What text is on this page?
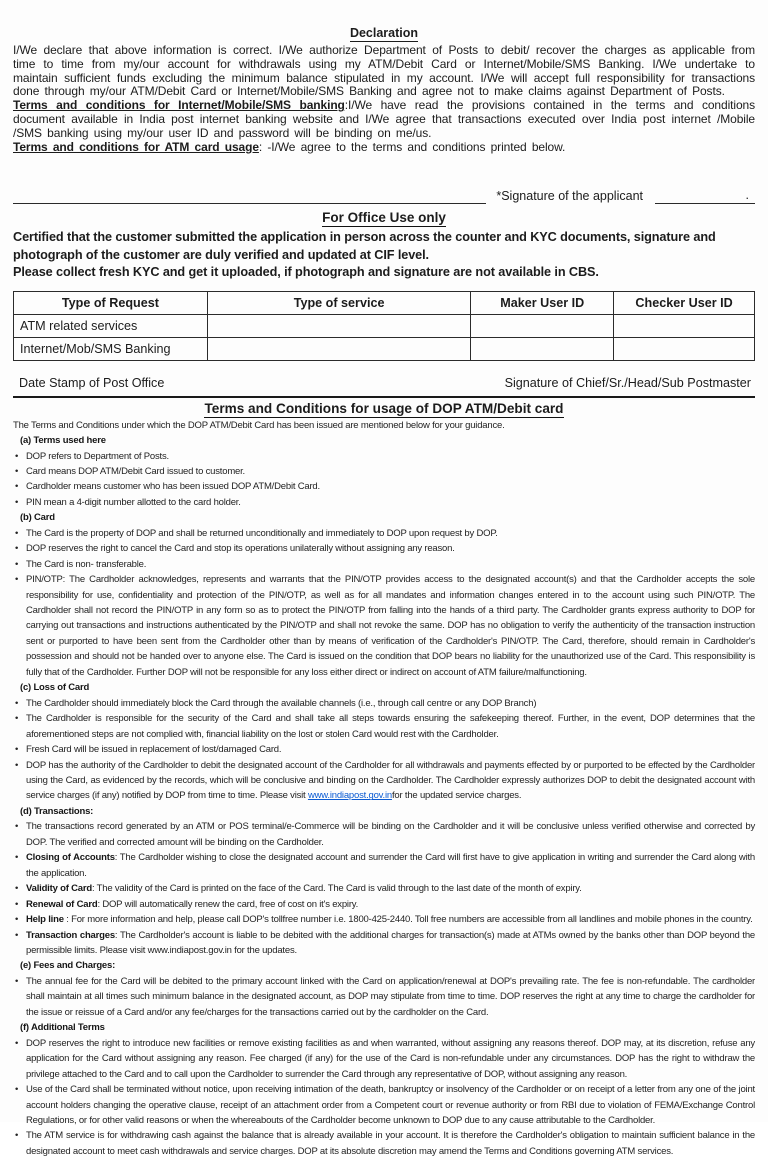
Declaration
I/We declare that above information is correct. I/We authorize Department of Posts to debit/ recover the charges as applicable from time to time from my/our account for withdrawals using my ATM/Debit Card or Internet/Mobile/SMS Banking. I/We undertake to maintain sufficient funds excluding the minimum balance stipulated in my account. I/We will accept full responsibility for transactions done through my/our ATM/Debit Card or Internet/Mobile/SMS Banking and agree not to make claims against Department of Posts.
Terms and conditions for Internet/Mobile/SMS banking:I/We have read the provisions contained in the terms and conditions document available in India post internet banking website and I/We agree that transactions executed over India post internet /Mobile /SMS banking using my/our user ID and password will be binding on me/us.
Terms and conditions for ATM card usage: -I/We agree to the terms and conditions printed below.
*Signature of the applicant	.
For Office Use only
Certified that the customer submitted the application in person across the counter and KYC documents, signature and photograph of the customer are duly verified and updated at CIF level.
Please collect fresh KYC and get it uploaded, if photograph and signature are not available in CBS.
Type of Request	Type of service	Maker User ID	Checker User ID
ATM related services			
Internet/Mob/SMS Banking			
Date Stamp of Post Office	Signature of Chief/Sr./Head/Sub Postmaster
Terms and Conditions for usage of DOP ATM/Debit card
The Terms and Conditions under which the DOP ATM/Debit Card has been issued are mentioned below for your guidance.
(a) Terms used here
• DOP refers to Department of Posts.
• Card means DOP ATM/Debit Card issued to customer.
• Cardholder means customer who has been issued DOP ATM/Debit Card.
• PIN mean a 4-digit number allotted to the card holder.
(b) Card
• The Card is the property of DOP and shall be returned unconditionally and immediately to DOP upon request by DOP.
• DOP reserves the right to cancel the Card and stop its operations unilaterally without assigning any reason.
• The Card is non- transferable.
• PIN/OTP: The Cardholder acknowledges, represents and warrants that the PIN/OTP provides access to the designated account(s) and that the Cardholder accepts the sole responsibility for use, confidentiality and protection of the PIN/OTP, as well as for all mandates and information changes entered in to the account using such PIN/OTP. The Cardholder shall not record the PIN/OTP in any form so as to protect the PIN/OTP from falling into the hands of a third party. The Cardholder grants express authority to DOP for carrying out transactions and instructions authenticated by the PIN/OTP and shall not revoke the same. DOP has no obligation to verify the authenticity of the transaction instruction sent or purported to have been sent from the Cardholder other than by means of verification of the Cardholder's PIN/OTP. The Card, therefore, should remain in Cardholder's possession and should not be handed over to anyone else. The Card is issued on the condition that DOP bears no liability for the unauthorized use of the Card. This responsibility is fully that of the Cardholder. Further DOP will not be responsible for any loss either direct or indirect on account of ATM failure/malfunctioning.
(c) Loss of Card
• The Cardholder should immediately block the Card through the available channels (i.e., through call centre or any DOP Branch)
• The Cardholder is responsible for the security of the Card and shall take all steps towards ensuring the safekeeping thereof. Further, in the event, DOP determines that the aforementioned steps are not complied with, financial liability on the lost or stolen Card would rest with the Cardholder.
• Fresh Card will be issued in replacement of lost/damaged Card.
• DOP has the authority of the Cardholder to debit the designated account of the Cardholder for all withdrawals and payments effected by or purported to be effected by the Cardholder using the Card, as evidenced by the records, which will be conclusive and binding on the Cardholder. The Cardholder expressly authorizes DOP to debit the designated account with service charges (if any) notified by DOP from time to time. Please visit www.indiapost.gov.infor the updated service charges.
(d) Transactions:
• The transactions record generated by an ATM or POS terminal/e-Commerce will be binding on the Cardholder and it will be conclusive unless verified otherwise and corrected by DOP. The verified and corrected amount will be binding on the Cardholder.
• Closing of Accounts: The Cardholder wishing to close the designated account and surrender the Card will first have to give application in writing and surrender the Card along with the application.
• Validity of Card: The validity of the Card is printed on the face of the Card. The Card is valid through to the last date of the month of expiry.
• Renewal of Card: DOP will automatically renew the card, free of cost on it's expiry.
• Help line : For more information and help, please call DOP's tollfree number i.e. 1800-425-2440. Toll free numbers are accessible from all landlines and mobile phones in the country.
• Transaction charges: The Cardholder's account is liable to be debited with the additional charges for transaction(s) made at ATMs owned by the banks other than DOP beyond the permissible limits. Please visit www.indiapost.gov.in for the updates.
(e) Fees and Charges:
• The annual fee for the Card will be debited to the primary account linked with the Card on application/renewal at DOP's prevailing rate. The fee is non-refundable. The cardholder shall maintain at all times such minimum balance in the designated account, as DOP may stipulate from time to time. DOP reserves the right at any time to charge the cardholder for the issue or reissue of a Card and/or any fee/charges for the transactions carried out by the cardholder on the Card.
(f) Additional Terms
• DOP reserves the right to introduce new facilities or remove existing facilities as and when warranted, without assigning any reasons thereof. DOP may, at its discretion, refuse any application for the Card without assigning any reason. Fee charged (if any) for the use of the Card is non-refundable under any circumstances. DOP has the right to withdraw the privilege attached to the Card and to call upon the Cardholder to surrender the Card through any representative of DOP, without assigning any reason.
• Use of the Card shall be terminated without notice, upon receiving intimation of the death, bankruptcy or insolvency of the Cardholder or on receipt of a letter from any one of the joint account holders changing the operative clause, receipt of an attachment order from a Competent court or revenue authority or from RBI due to violation of FEMA/Exchange Control Regulations, or for other valid reasons or when the whereabouts of the Cardholder become unknown to DOP due to any cause attributable to the Cardholder.
• The ATM service is for withdrawing cash against the balance that is already available in your account. It is therefore the Cardholder's obligation to maintain sufficient balance in the designated account to meet cash withdrawals and service charges. DOP at its absolute discretion may amend the Terms and Conditions governing ATM services.
